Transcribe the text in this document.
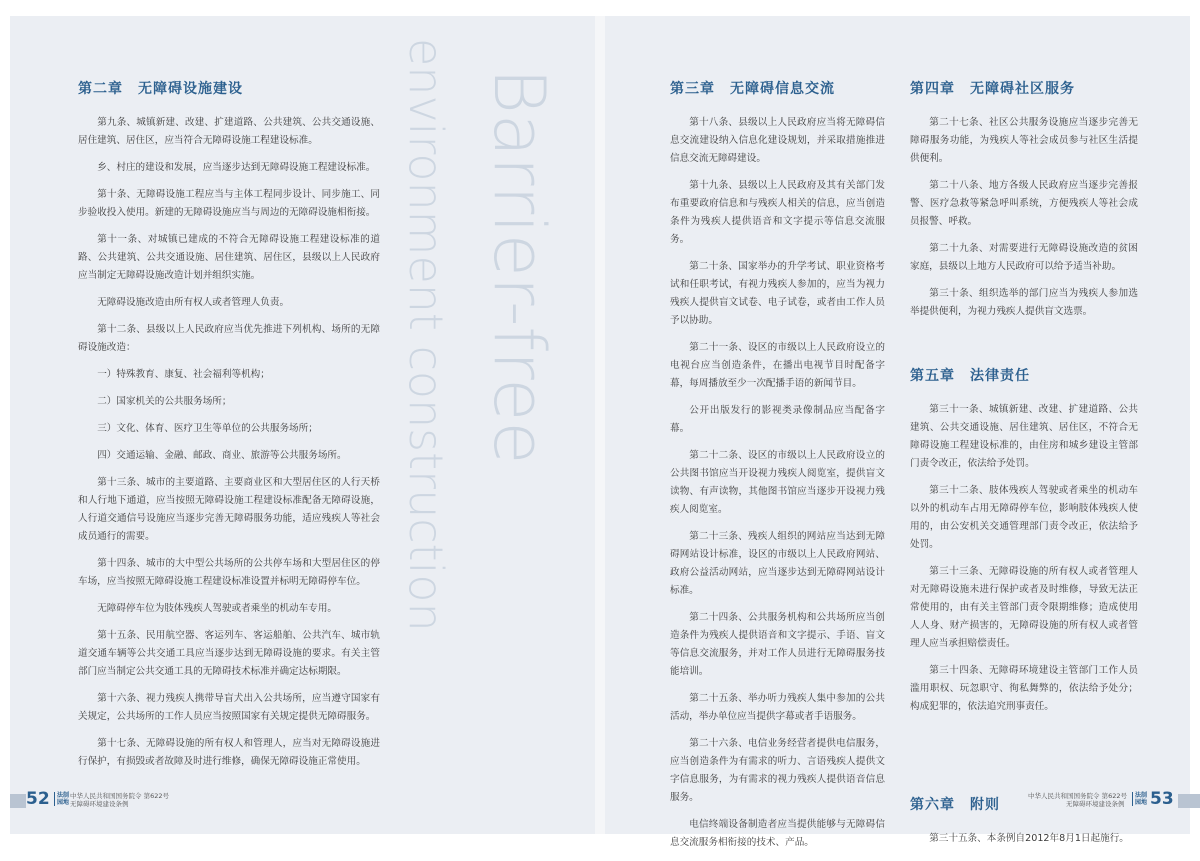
Barrier-free
environment construction
第二章　无障碍设施建设

第九条、城镇新建、改建、扩建道路、公共建筑、公共交通设施、居住建筑、居住区，应当符合无障碍设施工程建设标准。

乡、村庄的建设和发展，应当逐步达到无障碍设施工程建设标准。

第十条、无障碍设施工程应当与主体工程同步设计、同步施工、同步验收投入使用。新建的无障碍设施应当与周边的无障碍设施相衔接。

第十一条、对城镇已建成的不符合无障碍设施工程建设标准的道路、公共建筑、公共交通设施、居住建筑、居住区，县级以上人民政府应当制定无障碍设施改造计划并组织实施。

无障碍设施改造由所有权人或者管理人负责。

第十二条、县级以上人民政府应当优先推进下列机构、场所的无障碍设施改造：

一）特殊教育、康复、社会福利等机构；

二）国家机关的公共服务场所；

三）文化、体育、医疗卫生等单位的公共服务场所；

四）交通运输、金融、邮政、商业、旅游等公共服务场所。

第十三条、城市的主要道路、主要商业区和大型居住区的人行天桥和人行地下通道，应当按照无障碍设施工程建设标准配备无障碍设施，人行道交通信号设施应当逐步完善无障碍服务功能，适应残疾人等社会成员通行的需要。

第十四条、城市的大中型公共场所的公共停车场和大型居住区的停车场，应当按照无障碍设施工程建设标准设置并标明无障碍停车位。

无障碍停车位为肢体残疾人驾驶或者乘坐的机动车专用。

第十五条、民用航空器、客运列车、客运船舶、公共汽车、城市轨道交通车辆等公共交通工具应当逐步达到无障碍设施的要求。有关主管部门应当制定公共交通工具的无障碍技术标准并确定达标期限。

第十六条、视力残疾人携带导盲犬出入公共场所，应当遵守国家有关规定，公共场所的工作人员应当按照国家有关规定提供无障碍服务。

第十七条、无障碍设施的所有权人和管理人，应当对无障碍设施进行保护，有损毁或者故障及时进行维修，确保无障碍设施正常使用。

第三章　无障碍信息交流

第十八条、县级以上人民政府应当将无障碍信息交流建设纳入信息化建设规划，并采取措施推进信息交流无障碍建设。

第十九条、县级以上人民政府及其有关部门发布重要政府信息和与残疾人相关的信息，应当创造条件为残疾人提供语音和文字提示等信息交流服务。

第二十条、国家举办的升学考试、职业资格考试和任职考试，有视力残疾人参加的，应当为视力残疾人提供盲文试卷、电子试卷，或者由工作人员予以协助。

第二十一条、设区的市级以上人民政府设立的电视台应当创造条件，在播出电视节目时配备字幕，每周播放至少一次配播手语的新闻节目。

公开出版发行的影视类录像制品应当配备字幕。

第二十二条、设区的市级以上人民政府设立的公共图书馆应当开设视力残疾人阅览室，提供盲文读物、有声读物，其他图书馆应当逐步开设视力残疾人阅览室。

第二十三条、残疾人组织的网站应当达到无障碍网站设计标准，设区的市级以上人民政府网站、政府公益活动网站，应当逐步达到无障碍网站设计标准。

第二十四条、公共服务机构和公共场所应当创造条件为残疾人提供语音和文字提示、手语、盲文等信息交流服务，并对工作人员进行无障碍服务技能培训。

第二十五条、举办听力残疾人集中参加的公共活动，举办单位应当提供字幕或者手语服务。

第二十六条、电信业务经营者提供电信服务，应当创造条件为有需求的听力、言语残疾人提供文字信息服务，为有需求的视力残疾人提供语音信息服务。

电信终端设备制造者应当提供能够与无障碍信息交流服务相衔接的技术、产品。

第四章　无障碍社区服务

第二十七条、社区公共服务设施应当逐步完善无障碍服务功能，为残疾人等社会成员参与社区生活提供便利。

第二十八条、地方各级人民政府应当逐步完善报警、医疗急救等紧急呼叫系统，方便残疾人等社会成员报警、呼救。

第二十九条、对需要进行无障碍设施改造的贫困家庭，县级以上地方人民政府可以给予适当补助。

第三十条、组织选举的部门应当为残疾人参加选举提供便利，为视力残疾人提供盲文选票。

第五章　法律责任

第三十一条、城镇新建、改建、扩建道路、公共建筑、公共交通设施、居住建筑、居住区，不符合无障碍设施工程建设标准的，由住房和城乡建设主管部门责令改正，依法给予处罚。

第三十二条、肢体残疾人驾驶或者乘坐的机动车以外的机动车占用无障碍停车位，影响肢体残疾人使用的，由公安机关交通管理部门责令改正，依法给予处罚。

第三十三条、无障碍设施的所有权人或者管理人对无障碍设施未进行保护或者及时维修，导致无法正常使用的，由有关主管部门责令限期维修；造成使用人人身、财产损害的，无障碍设施的所有权人或者管理人应当承担赔偿责任。

第三十四条、无障碍环境建设主管部门工作人员滥用职权、玩忽职守、徇私舞弊的，依法给予处分；构成犯罪的，依法追究刑事责任。

第六章　附则

第三十五条、本条例自2012年8月1日起施行。

52 法制
园地
中华人民共和国国务院令 第622号
无障碍环境建设条例
中华人民共和国国务院令 第622号
无障碍环境建设条例
法制
园地 53
